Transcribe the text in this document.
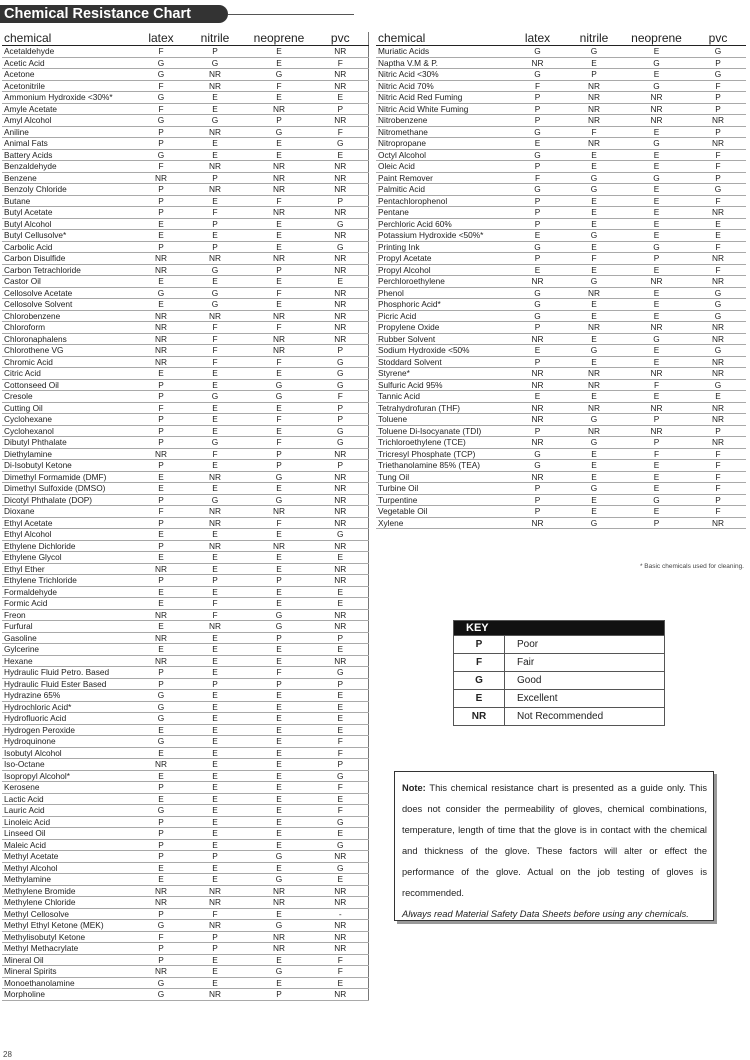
Chemical Resistance Chart
chemical	latex	nitrile	neoprene	pvc
Acetaldehyde	F	P	E	NR
Acetic Acid	G	G	E	F
Acetone	G	NR	G	NR
Acetonitrile	F	NR	F	NR
Ammonium Hydroxide <30%*	G	E	E	E
Amyle Acetate	F	E	NR	P
Amyl Alcohol	G	G	P	NR
Aniline	P	NR	G	F
Animal Fats	P	E	E	G
Battery Acids	G	E	E	E
Benzaldehyde	F	NR	NR	NR
Benzene	NR	P	NR	NR
Benzoly Chloride	P	NR	NR	NR
Butane	P	E	F	P
Butyl Acetate	P	F	NR	NR
Butyl Alcohol	E	P	E	G
Butyl Cellusolve*	E	E	E	NR
Carbolic Acid	P	P	E	G
Carbon Disulfide	NR	NR	NR	NR
Carbon Tetrachloride	NR	G	P	NR
Castor Oil	E	E	E	E
Cellosolve Acetate	G	G	F	NR
Cellosolve Solvent	E	G	E	NR
Chlorobenzene	NR	NR	NR	NR
Chloroform	NR	F	F	NR
Chloronaphalens	NR	F	NR	NR
Chlorothene VG	NR	F	NR	P
Chromic Acid	NR	F	F	G
Citric Acid	E	E	E	G
Cottonseed Oil	P	E	G	G
Cresole	P	G	G	F
Cutting Oil	F	E	E	P
Cyclohexane	P	E	F	P
Cyclohexanol	P	E	E	G
Dibutyl Phthalate	P	G	F	G
Diethylamine	NR	F	P	NR
Di-Isobutyl Ketone	P	E	P	P
Dimethyl Formamide (DMF)	E	NR	G	NR
Dimethyl Sulfoxide (DMSO)	E	E	E	NR
Dicotyl Phthalate (DOP)	P	G	G	NR
Dioxane	F	NR	NR	NR
Ethyl Acetate	P	NR	F	NR
Ethyl Alcohol	E	E	E	G
Ethylene Dichloride	P	NR	NR	NR
Ethylene Glycol	E	E	E	E
Ethyl Ether	NR	E	E	NR
Ethylene Trichloride	P	P	P	NR
Formaldehyde	E	E	E	E
Formic Acid	E	F	E	E
Freon	NR	F	G	NR
Furfural	E	NR	G	NR
Gasoline	NR	E	P	P
Gylcerine	E	E	E	E
Hexane	NR	E	E	NR
Hydraulic Fluid Petro. Based	P	E	F	G
Hydraulic Fluid Ester Based	P	P	P	P
Hydrazine 65%	G	E	E	E
Hydrochloric Acid*	G	E	E	E
Hydrofluoric Acid	G	E	E	E
Hydrogen Peroxide	E	E	E	E
Hydroquinone	G	E	E	F
Isobutyl Alcohol	E	E	E	F
Iso-Octane	NR	E	E	P
Isopropyl Alcohol*	E	E	E	G
Kerosene	P	E	E	F
Lactic Acid	E	E	E	E
Lauric Acid	G	E	E	F
Linoleic Acid	P	E	E	G
Linseed Oil	P	E	E	E
Maleic Acid	P	E	E	G
Methyl Acetate	P	P	G	NR
Methyl Alcohol	E	E	E	G
Methylamine	E	E	G	E
Methylene Bromide	NR	NR	NR	NR
Methylene Chloride	NR	NR	NR	NR
Methyl Cellosolve	P	F	E	-
Methyl Ethyl Ketone (MEK)	G	NR	G	NR
Methylisobutyl Ketone	F	P	NR	NR
Methyl Methacrylate	P	P	NR	NR
Mineral Oil	P	E	E	F
Mineral Spirits	NR	E	G	F
Monoethanolamine	G	E	E	E
Morpholine	G	NR	P	NR
chemical	latex	nitrile	neoprene	pvc
Muriatic Acids	G	G	E	G
Naptha V.M & P.	NR	E	G	P
Nitric Acid <30%	G	P	E	G
Nitric Acid 70%	F	NR	G	F
Nitric Acid Red Fuming	P	NR	NR	P
Nitric Acid White Fuming	P	NR	NR	P
Nitrobenzene	P	NR	NR	NR
Nitromethane	G	F	E	P
Nitropropane	E	NR	G	NR
Octyl Alcohol	G	E	E	F
Oleic Acid	P	E	E	F
Paint Remover	F	G	G	P
Palmitic Acid	G	G	E	G
Pentachlorophenol	P	E	E	F
Pentane	P	E	E	NR
Perchloric Acid 60%	P	E	E	E
Potassium Hydroxide <50%*	E	G	E	E
Printing Ink	G	E	G	F
Propyl Acetate	P	F	P	NR
Propyl Alcohol	E	E	E	F
Perchloroethylene	NR	G	NR	NR
Phenol	G	NR	E	G
Phosphoric Acid*	G	E	E	G
Picric Acid	G	E	E	G
Propylene Oxide	P	NR	NR	NR
Rubber Solvent	NR	E	G	NR
Sodium Hydroxide <50%	E	G	E	G
Stoddard Solvent	P	E	E	NR
Styrene*	NR	NR	NR	NR
Sulfuric Acid 95%	NR	NR	F	G
Tannic Acid	E	E	E	E
Tetrahydrofuran (THF)	NR	NR	NR	NR
Toluene	NR	G	P	NR
Toluene Di-Isocyanate (TDI)	P	NR	NR	P
Trichloroethylene (TCE)	NR	G	P	NR
Tricresyl Phosphate (TCP)	G	E	F	F
Triethanolamine 85% (TEA)	G	E	E	F
Tung Oil	NR	E	E	F
Turbine Oil	P	G	E	F
Turpentine	P	E	G	P
Vegetable Oil	P	E	E	F
Xylene	NR	G	P	NR
* Basic chemicals used for cleaning.
KEY	
P	Poor
F	Fair
G	Good
E	Excellent
NR	Not Recommended
Note: This chemical resistance chart is presented as a guide only. This does not consider the permeability of gloves, chemical combinations, temperature, length of time that the glove is in contact with the chemical and thickness of the glove. These factors will alter or effect the performance of the glove. Actual on the job testing of gloves is recommended.
Always read Material Safety Data Sheets before using any chemicals.
28
